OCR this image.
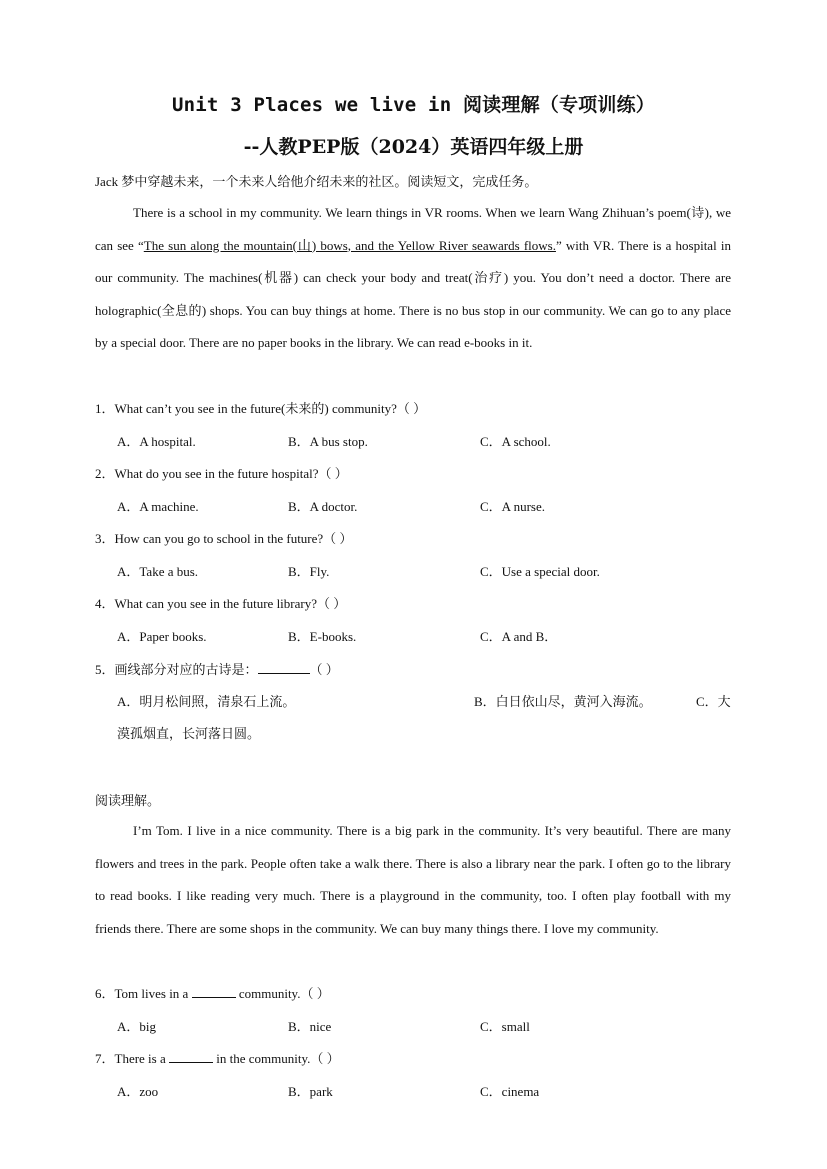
Unit 3 Places we live in 阅读理解（专项训练）
--人教PEP版（2024）英语四年级上册
Jack 梦中穿越未来，一个未来人给他介绍未来的社区。阅读短文，完成任务。
There is a school in my community. We learn things in VR rooms. When we learn Wang Zhihuan’s poem(诗), we can see “The sun along the mountain(山) bows, and the Yellow River seawards flows.” with VR. There is a hospital in our community. The machines(机器) can check your body and treat(治疗) you. You don’t need a doctor. There are holographic(全息的) shops. You can buy things at home. There is no bus stop in our community. We can go to any place by a special door. There are no paper books in the library. We can read e-books in it.
1．What can’t you see in the future(未来的) community?（ ）
A．A hospital.	B．A bus stop.	C．A school.
2．What do you see in the future hospital?（ ）
A．A machine.	B．A doctor.	C．A nurse.
3．How can you go to school in the future?（ ）
A．Take a bus.	B．Fly.	C．Use a special door.
4．What can you see in the future library?（ ）
A．Paper books.	B．E-books.	C．A and B．
5．画线部分对应的古诗是：	（ ）
A．明月松间照，清泉石上流。	B．白日依山尽，黄河入海流。	C．大
漠孤烟直，长河落日圆。
阅读理解。
I’m Tom. I live in a nice community. There is a big park in the community. It’s very beautiful. There are many flowers and trees in the park. People often take a walk there. There is also a library near the park. I often go to the library to read books. I like reading very much. There is a playground in the community, too. I often play football with my friends there. There are some shops in the community. We can buy many things there. I love my community.
6．Tom lives in a	community.（ ）
A．big	B．nice	C．small
7．There is a	in the community.（ ）
A．zoo	B．park	C．cinema
